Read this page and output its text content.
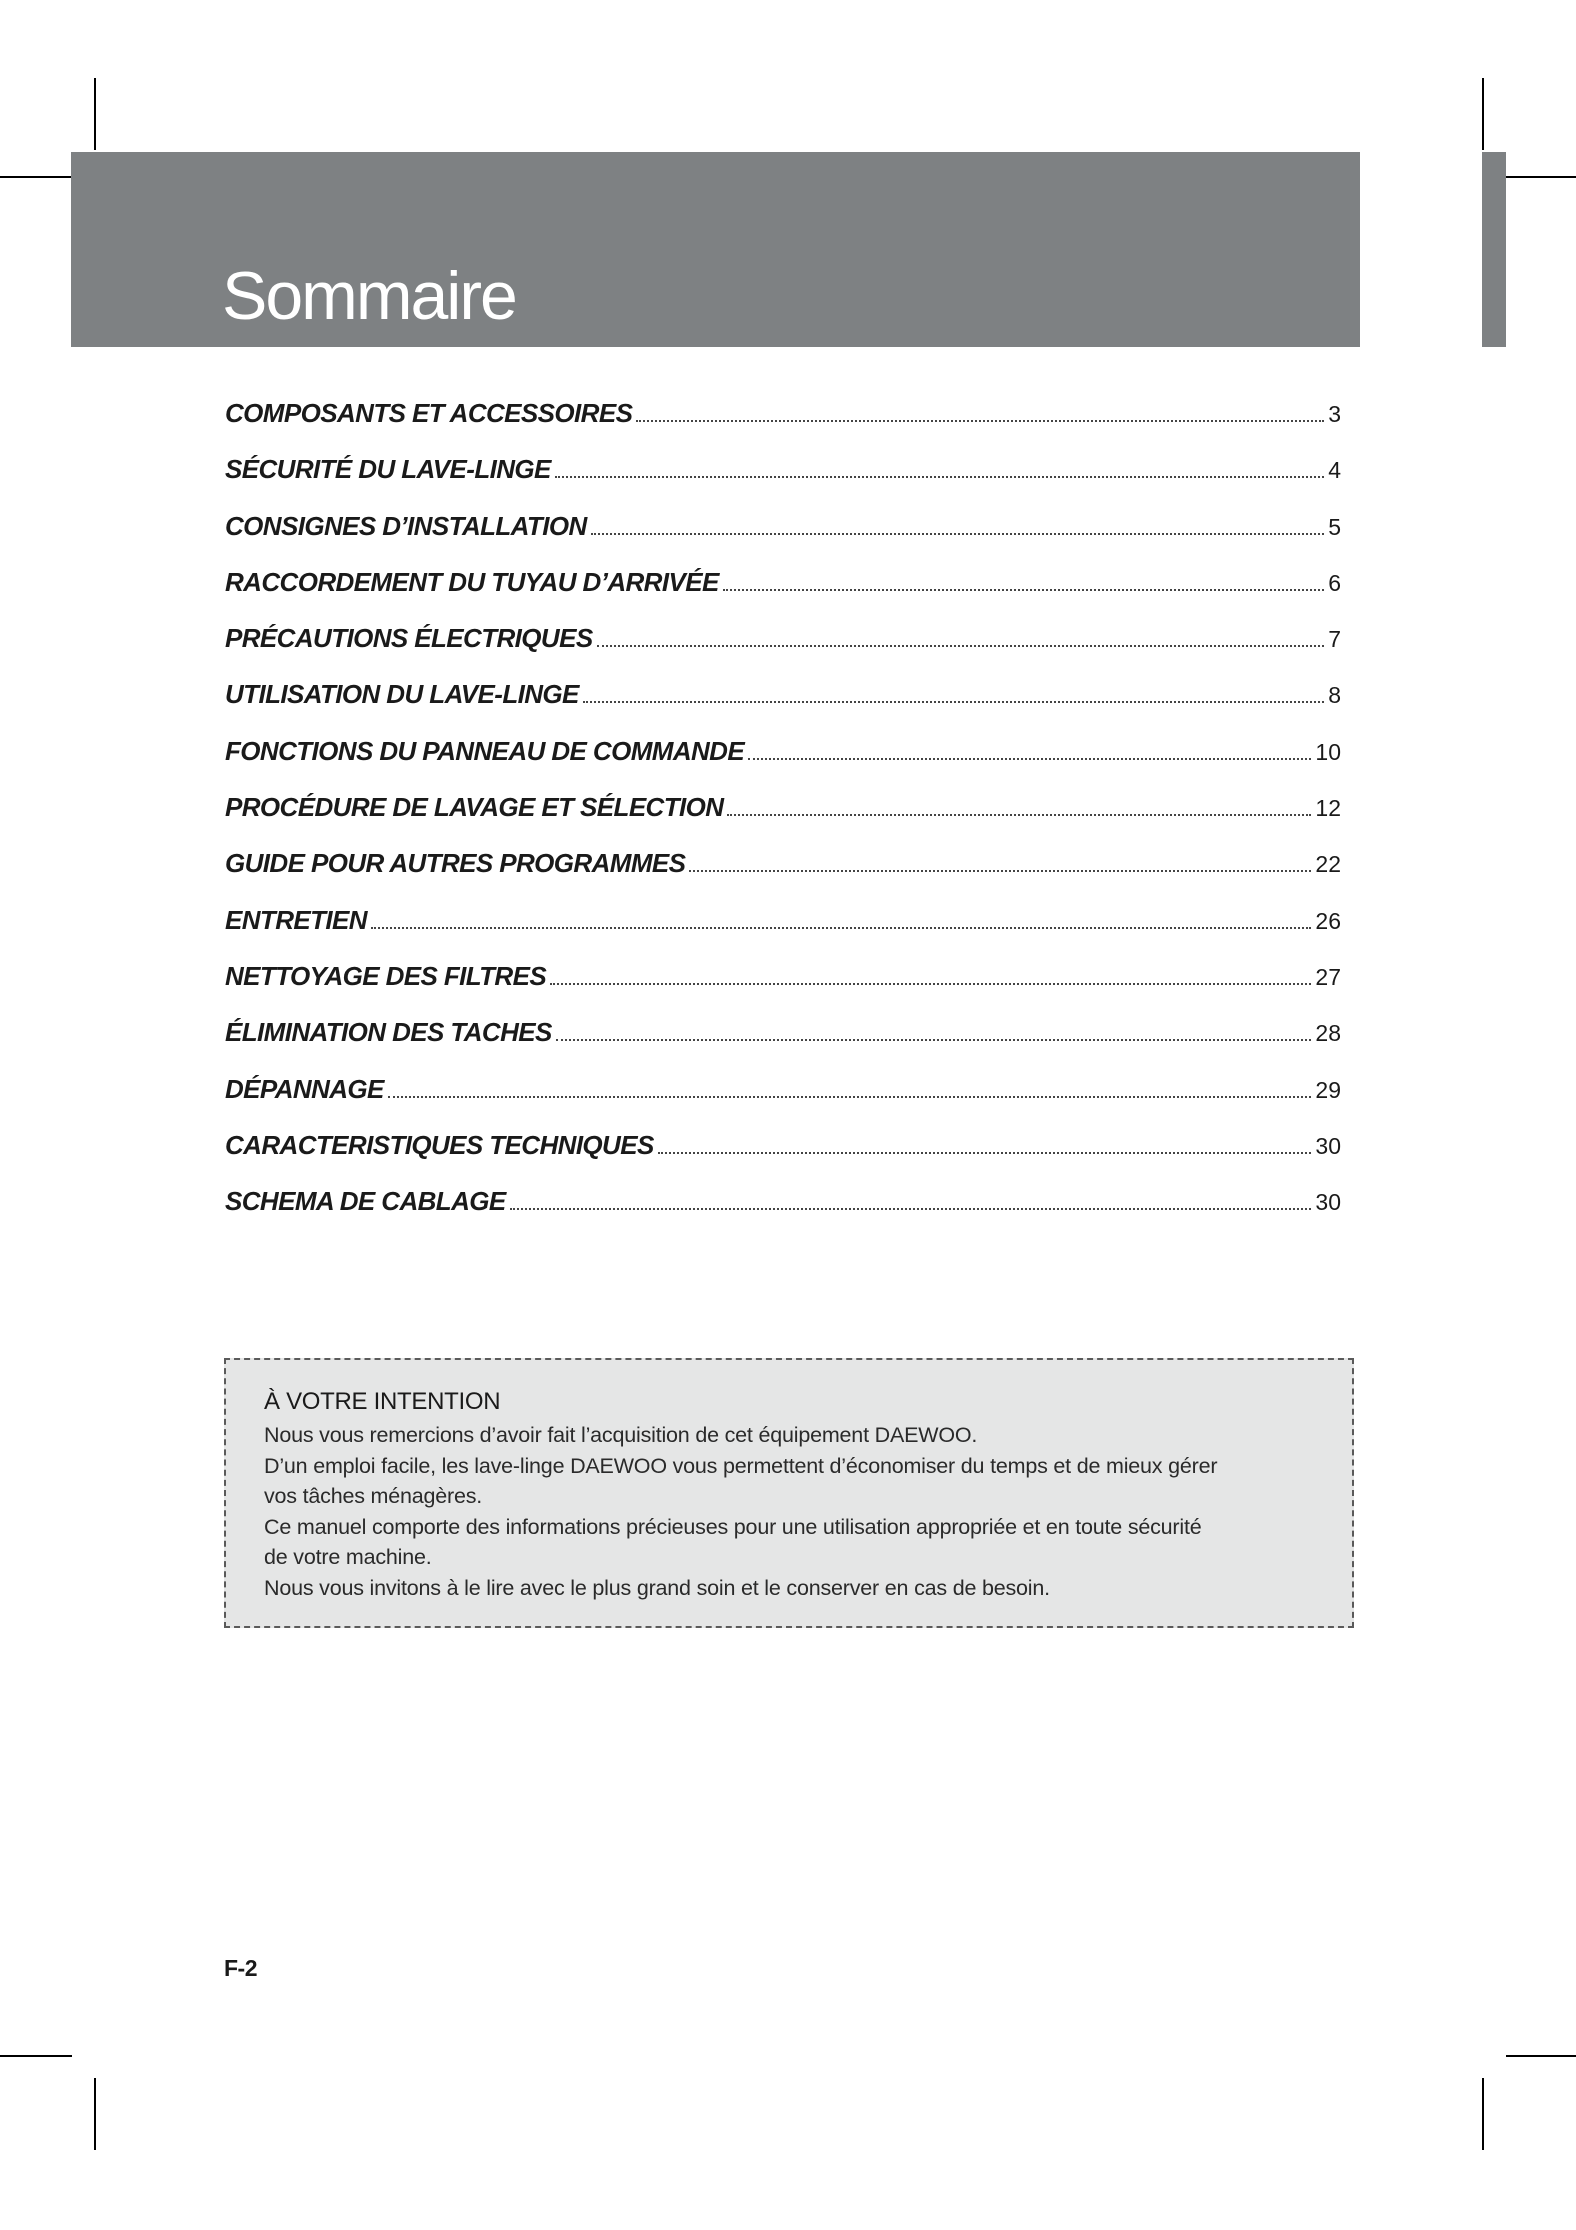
Sommaire
COMPOSANTS ET ACCESSOIRES	3
SÉCURITÉ DU LAVE-LINGE	4
CONSIGNES D’INSTALLATION	5
RACCORDEMENT DU TUYAU D’ARRIVÉE	6
PRÉCAUTIONS ÉLECTRIQUES	7
UTILISATION DU LAVE-LINGE	8
FONCTIONS DU PANNEAU DE COMMANDE	10
PROCÉDURE DE LAVAGE ET SÉLECTION	12
GUIDE POUR AUTRES PROGRAMMES	22
ENTRETIEN	26
NETTOYAGE DES FILTRES	27
ÉLIMINATION DES TACHES	28
DÉPANNAGE	29
CARACTERISTIQUES TECHNIQUES	30
SCHEMA DE CABLAGE	30
À VOTRE INTENTION

Nous vous remercions d’avoir fait l’acquisition de cet équipement DAEWOO.

D’un emploi facile, les lave-linge DAEWOO vous permettent d’économiser du temps et de mieux gérer

vos tâches ménagères.

Ce manuel comporte des informations précieuses pour une utilisation appropriée et en toute sécurité

de votre machine.

Nous vous invitons à le lire avec le plus grand soin et le conserver en cas de besoin.

F-2
